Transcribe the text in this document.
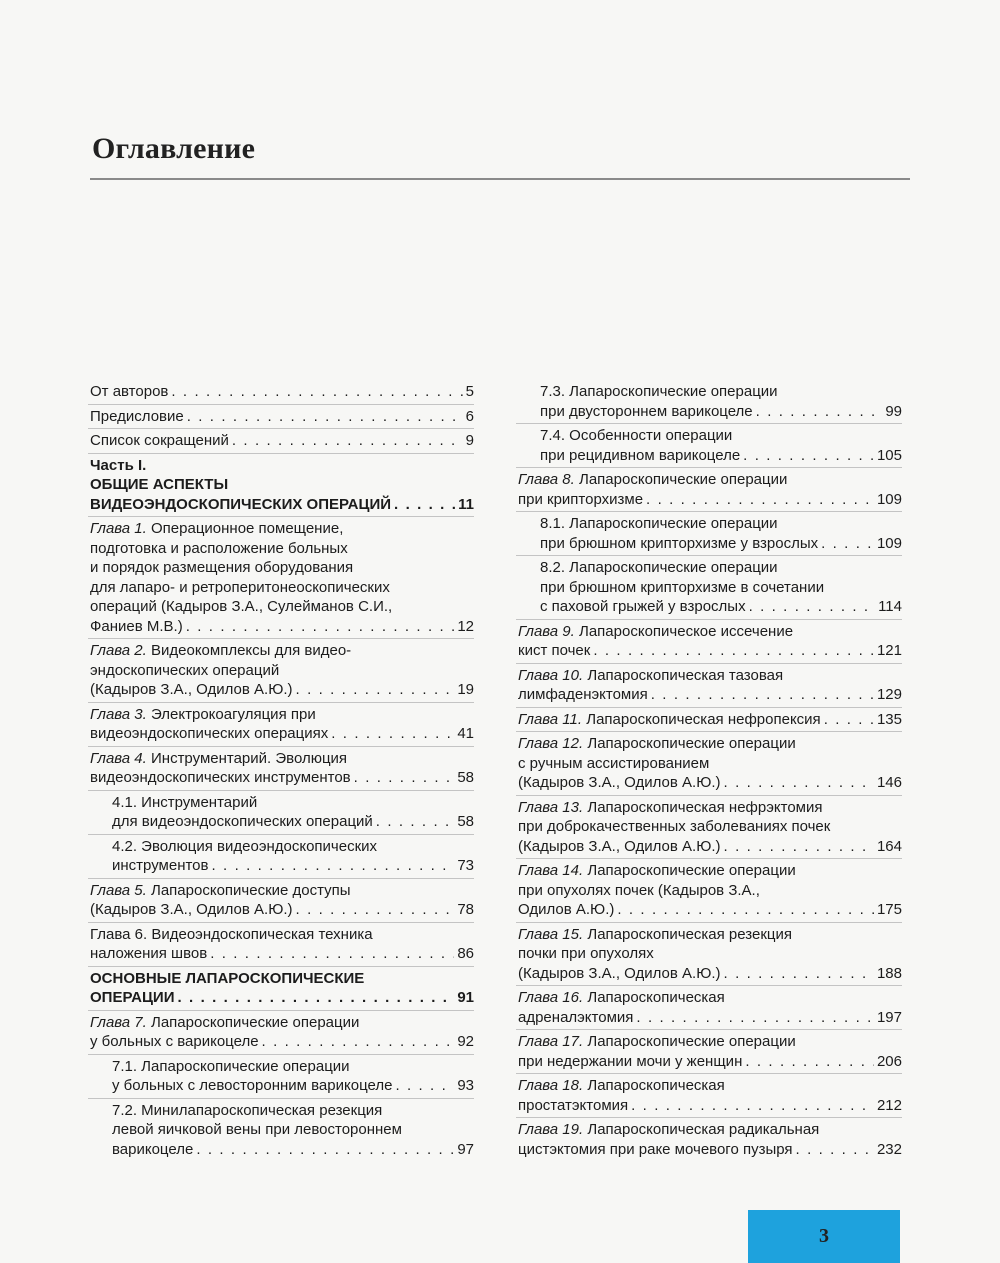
Оглавление
От авторов . . .	5
Предисловие . . .	6
Список сокращений . . .	9
Часть I.
ОБЩИЕ АСПЕКТЫ
ВИДЕОЭНДОСКОПИЧЕСКИХ ОПЕРАЦИЙ . . .	11
Глава 1. Операционное помещение,
подготовка и расположение больных
и порядок размещения оборудования
для лапаро- и ретроперитонеоскопических
операций (Кадыров З.А., Сулейманов С.И.,
Фаниев М.В.) . . .	12
Глава 2. Видеокомплексы для видео-
эндоскопических операций
(Кадыров З.А., Одилов А.Ю.) . . .	19
Глава 3. Электрокоагуляция при
видеоэндоскопических операциях . . .	41
Глава 4. Инструментарий. Эволюция
видеоэндоскопических инструментов . . .	58
4.1. Инструментарий
для видеоэндоскопических операций . . .	58
4.2. Эволюция видеоэндоскопических
инструментов . . .	73
Глава 5. Лапароскопические доступы
(Кадыров З.А., Одилов А.Ю.) . . .	78
Глава 6. Видеоэндоскопическая техника
наложения швов . . .	86
ОСНОВНЫЕ ЛАПАРОСКОПИЧЕСКИЕ
ОПЕРАЦИИ . . .	91
Глава 7. Лапароскопические операции
у больных с варикоцеле . . .	92
7.1. Лапароскопические операции
у больных с левосторонним варикоцеле . . .	93
7.2. Минилапароскопическая резекция
левой яичковой вены при левостороннем
варикоцеле . . .	97
7.3. Лапароскопические операции
при двустороннем варикоцеле . . .	99
7.4. Особенности операции
при рецидивном варикоцеле . . .	105
Глава 8. Лапароскопические операции
при крипторхизме . . .	109
8.1. Лапароскопические операции
при брюшном крипторхизме у взрослых . . .	109
8.2. Лапароскопические операции
при брюшном крипторхизме в сочетании
с паховой грыжей у взрослых . . .	114
Глава 9. Лапароскопическое иссечение
кист почек . . .	121
Глава 10. Лапароскопическая тазовая
лимфаденэктомия . . .	129
Глава 11. Лапароскопическая нефропексия . . .	135
Глава 12. Лапароскопические операции
с ручным ассистированием
(Кадыров З.А., Одилов А.Ю.) . . .	146
Глава 13. Лапароскопическая нефрэктомия
при доброкачественных заболеваниях почек
(Кадыров З.А., Одилов А.Ю.) . . .	164
Глава 14. Лапароскопические операции
при опухолях почек (Кадыров З.А.,
Одилов А.Ю.) . . .	175
Глава 15. Лапароскопическая резекция
почки при опухолях
(Кадыров З.А., Одилов А.Ю.) . . .	188
Глава 16. Лапароскопическая
адреналэктомия . . .	197
Глава 17. Лапароскопические операции
при недержании мочи у женщин . . .	206
Глава 18. Лапароскопическая
простатэктомия . . .	212
Глава 19. Лапароскопическая радикальная
цистэктомия при раке мочевого пузыря . . .	232
3
